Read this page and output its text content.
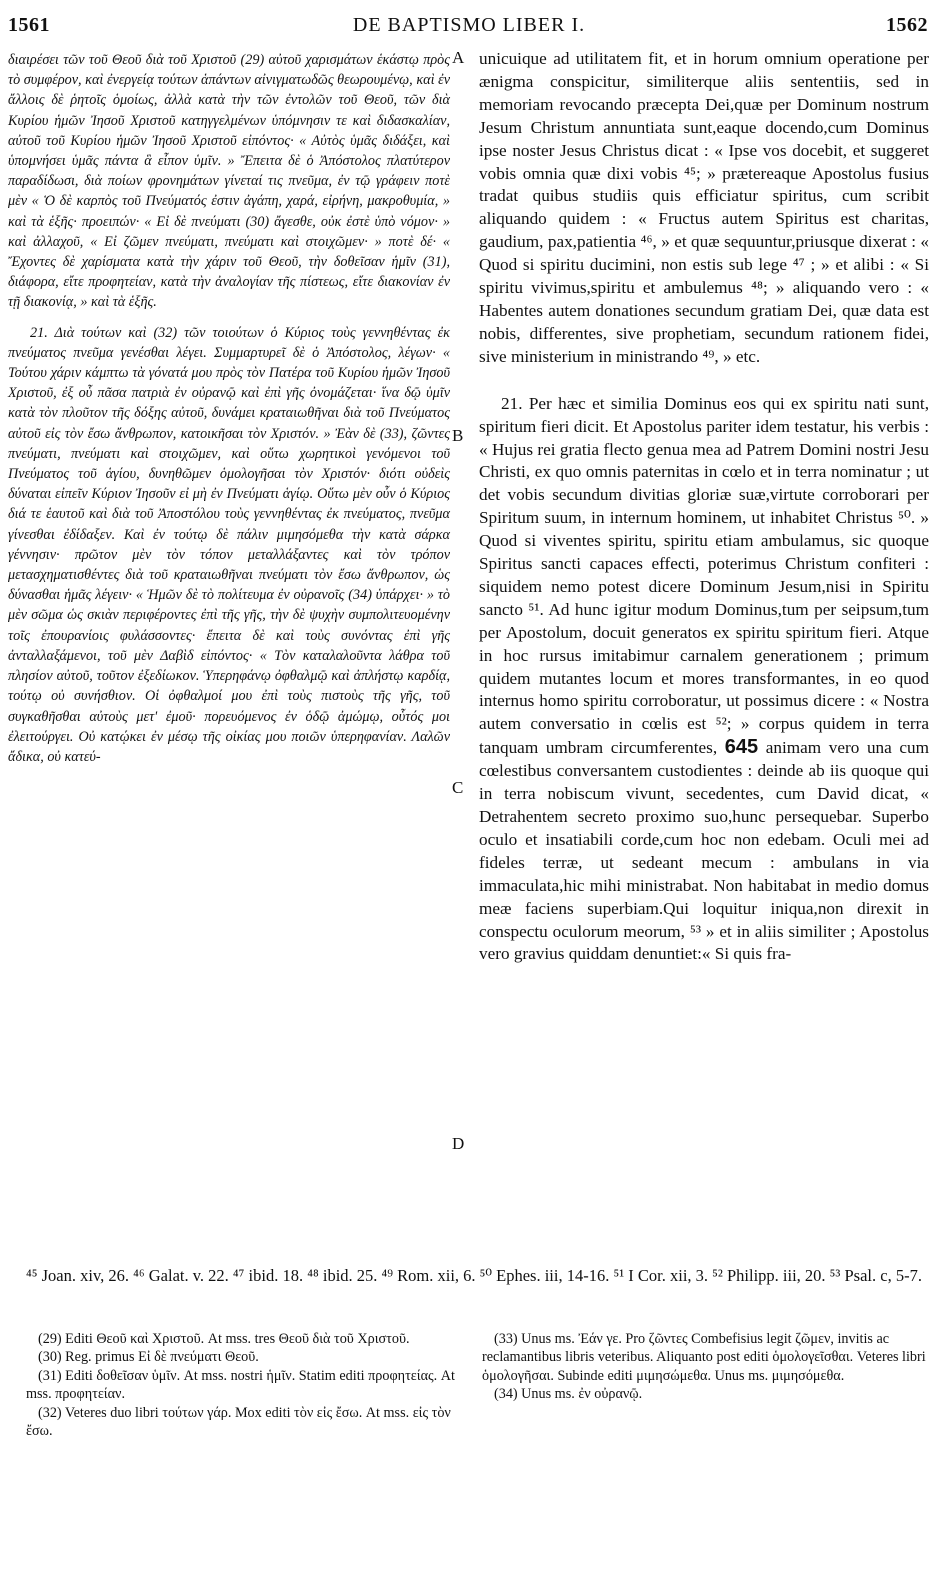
1561	DE BAPTISMO LIBER I.	1562

διαιρέσει τῶν τοῦ Θεοῦ διὰ τοῦ Χριστοῦ (29) αὐτοῦ χαρισμάτων ἑκάστῳ πρὸς τὸ συμφέρον, καὶ ἐνεργείᾳ τούτων ἁπάντων αἰνιγματωδῶς θεωρουμένῳ, καὶ ἐν ἄλλοις δὲ ῥητοῖς ὁμοίως, ἀλλὰ κατὰ τὴν τῶν ἐντολῶν τοῦ Θεοῦ, τῶν διὰ Κυρίου ἡμῶν Ἰησοῦ Χριστοῦ κατηγγελμένων ὑπόμνησιν τε καὶ διδασκαλίαν, αὐτοῦ τοῦ Κυρίου ἡμῶν Ἰησοῦ Χριστοῦ εἰπόντος· « Αὐτὸς ὑμᾶς διδάξει, καὶ ὑπομνήσει ὑμᾶς πάντα ἃ εἶπον ὑμῖν. » Ἔπειτα δὲ ὁ Ἀπόστολος πλατύτερον παραδίδωσι, διὰ ποίων φρονημάτων γίνεταί τις πνεῦμα, ἐν τῷ γράφειν ποτὲ μὲν « Ὁ δὲ καρπὸς τοῦ Πνεύματός ἐστιν ἀγάπη, χαρά, εἰρήνη, μακροθυμία, » καὶ τὰ ἑξῆς· προειπών· « Εἰ δὲ πνεύματι (30) ἄγεσθε, οὐκ ἐστὲ ὑπὸ νόμον· » καὶ ἀλλαχοῦ, « Εἰ ζῶμεν πνεύματι, πνεύματι καὶ στοιχῶμεν· » ποτὲ δέ· « Ἔχοντες δὲ χαρίσματα κατὰ τὴν χάριν τοῦ Θεοῦ, τὴν δοθεῖσαν ἡμῖν (31), διάφορα, εἴτε προφητείαν, κατὰ τὴν ἀναλογίαν τῆς πίστεως, εἴτε διακονίαν ἐν τῇ διακονίᾳ, » καὶ τὰ ἑξῆς.

21. Διὰ τούτων καὶ (32) τῶν τοιούτων ὁ Κύριος τοὺς γεννηθέντας ἐκ πνεύματος πνεῦμα γενέσθαι λέγει. Συμμαρτυρεῖ δὲ ὁ Ἀπόστολος, λέγων· « Τούτου χάριν κάμπτω τὰ γόνατά μου πρὸς τὸν Πατέρα τοῦ Κυρίου ἡμῶν Ἰησοῦ Χριστοῦ, ἐξ οὗ πᾶσα πατριὰ ἐν οὐρανῷ καὶ ἐπὶ γῆς ὀνομάζεται· ἵνα δῷ ὑμῖν κατὰ τὸν πλοῦτον τῆς δόξης αὐτοῦ, δυνάμει κραταιωθῆναι διὰ τοῦ Πνεύματος αὐτοῦ εἰς τὸν ἔσω ἄνθρωπον, κατοικῆσαι τὸν Χριστόν. » Ἐὰν δὲ (33), ζῶντες πνεύματι, πνεύματι καὶ στοιχῶμεν, καὶ οὕτω χωρητικοὶ γενόμενοι τοῦ Πνεύματος τοῦ ἁγίου, δυνηθῶμεν ὁμολογῆσαι τὸν Χριστόν· διότι οὐδεὶς δύναται εἰπεῖν Κύριον Ἰησοῦν εἰ μὴ ἐν Πνεύματι ἁγίῳ. Οὕτω μὲν οὖν ὁ Κύριος διά τε ἑαυτοῦ καὶ διὰ τοῦ Ἀποστόλου τοὺς γεννηθέντας ἐκ πνεύματος, πνεῦμα γίνεσθαι ἐδίδαξεν. Καὶ ἐν τούτῳ δὲ πάλιν μιμησόμεθα τὴν κατὰ σάρκα γέννησιν· πρῶτον μὲν τὸν τόπον μεταλλάξαντες καὶ τὸν τρόπον μετασχηματισθέντες διὰ τοῦ κραταιωθῆναι πνεύματι τὸν ἔσω ἄνθρωπον, ὡς δύνασθαι ἡμᾶς λέγειν· « Ἡμῶν δὲ τὸ πολίτευμα ἐν οὐρανοῖς (34) ὑπάρχει· » τὸ μὲν σῶμα ὡς σκιὰν περιφέροντες ἐπὶ τῆς γῆς, τὴν δὲ ψυχὴν συμπολιτευομένην τοῖς ἐπουρανίοις φυλάσσοντες· ἔπειτα δὲ καὶ τοὺς συνόντας ἐπὶ γῆς ἀνταλλαξάμενοι, τοῦ μὲν Δαβὶδ εἰπόντος· « Τὸν καταλαλοῦντα λάθρα τοῦ πλησίον αὐτοῦ, τοῦτον ἐξεδίωκον. Ὑπερηφάνῳ ὀφθαλμῷ καὶ ἀπλήστῳ καρδίᾳ, τούτῳ οὐ συνήσθιον. Οἱ ὀφθαλμοί μου ἐπὶ τοὺς πιστοὺς τῆς γῆς, τοῦ συγκαθῆσθαι αὐτοὺς μετ' ἐμοῦ· πορευόμενος ἐν ὁδῷ ἀμώμῳ, οὗτός μοι ἐλειτούργει. Οὐ κατῴκει ἐν μέσῳ τῆς οἰκίας μου ποιῶν ὑπερηφανίαν. Λαλῶν ἄδικα, οὐ κατεύ-

A
B
C
D

unicuique ad utilitatem fit, et in horum omnium operatione per ænigma conspicitur, similiterque aliis sententiis, sed in memoriam revocando præcepta Dei,quæ per Dominum nostrum Jesum Christum annuntiata sunt,eaque docendo,cum Dominus ipse noster Jesus Christus dicat : « Ipse vos docebit, et suggeret vobis omnia quæ dixi vobis ⁴⁵; » prætereaque Apostolus fusius tradat quibus studiis quis efficiatur spiritus, cum scribit aliquando quidem : « Fructus autem Spiritus est charitas, gaudium, pax,patientia ⁴⁶, » et quæ sequuntur,priusque dixerat : « Quod si spiritu ducimini, non estis sub lege ⁴⁷ ; » et alibi : « Si spiritu vivimus,spiritu et ambulemus ⁴⁸; » aliquando vero : « Habentes autem donationes secundum gratiam Dei, quæ data est nobis, differentes, sive prophetiam, secundum rationem fidei, sive ministerium in ministrando ⁴⁹, » etc.

21. Per hæc et similia Dominus eos qui ex spiritu nati sunt, spiritum fieri dicit. Et Apostolus pariter idem testatur, his verbis : « Hujus rei gratia flecto genua mea ad Patrem Domini nostri Jesu Christi, ex quo omnis paternitas in cœlo et in terra nominatur ; ut det vobis secundum divitias gloriæ suæ,virtute corroborari per Spiritum suum, in internum hominem, ut inhabitet Christus ⁵⁰. » Quod si viventes spiritu, spiritu etiam ambulamus, sic quoque Spiritus sancti capaces effecti, poterimus Christum confiteri : siquidem nemo potest dicere Dominum Jesum,nisi in Spiritu sancto ⁵¹. Ad hunc igitur modum Dominus,tum per seipsum,tum per Apostolum, docuit generatos ex spiritu spiritum fieri. Atque in hoc rursus imitabimur carnalem generationem ; primum quidem mutantes locum et mores transformantes, in eo quod internus homo spiritu corroboratur, ut possimus dicere : « Nostra autem conversatio in cœlis est ⁵²; » corpus quidem in terra tanquam umbram circumferentes, 645 animam vero una cum cœlestibus conversantem custodientes : deinde ab iis quoque qui in terra nobiscum vivunt, secedentes, cum David dicat, « Detrahentem secreto proximo suo,hunc persequebar. Superbo oculo et insatiabili corde,cum hoc non edebam. Oculi mei ad fideles terræ, ut sedeant mecum : ambulans in via immaculata,hic mihi ministrabat. Non habitabat in medio domus meæ faciens superbiam.Qui loquitur iniqua,non direxit in conspectu oculorum meorum, ⁵³ » et in aliis similiter ; Apostolus vero gravius quiddam denuntiet:« Si quis fra-

⁴⁵ Joan. xiv, 26. ⁴⁶ Galat. v. 22. ⁴⁷ ibid. 18. ⁴⁸ ibid. 25. ⁴⁹ Rom. xii, 6. ⁵⁰ Ephes. iii, 14-16. ⁵¹ I Cor. xii, 3. ⁵² Philipp. iii, 20. ⁵³ Psal. c, 5-7.

(29) Editi Θεοῦ καὶ Χριστοῦ. At mss. tres Θεοῦ διὰ τοῦ Χριστοῦ.

(30) Reg. primus Εἰ δὲ πνεύματι Θεοῦ.

(31) Editi δοθεῖσαν ὑμῖν. At mss. nostri ἡμῖν. Statim editi προφητείας. At mss. προφητείαν.

(32) Veteres duo libri τούτων γάρ. Mox editi τὸν εἰς ἔσω. At mss. εἰς τὸν ἔσω.

(33) Unus ms. Ἐάν γε. Pro ζῶντες Combefisius legit ζῶμεν, invitis ac reclamantibus libris veteribus. Aliquanto post editi ὁμολογεῖσθαι. Veteres libri ὁμολογῆσαι. Subinde editi μιμησώμεθα. Unus ms. μιμησόμεθα.

(34) Unus ms. ἐν οὐρανῷ.
